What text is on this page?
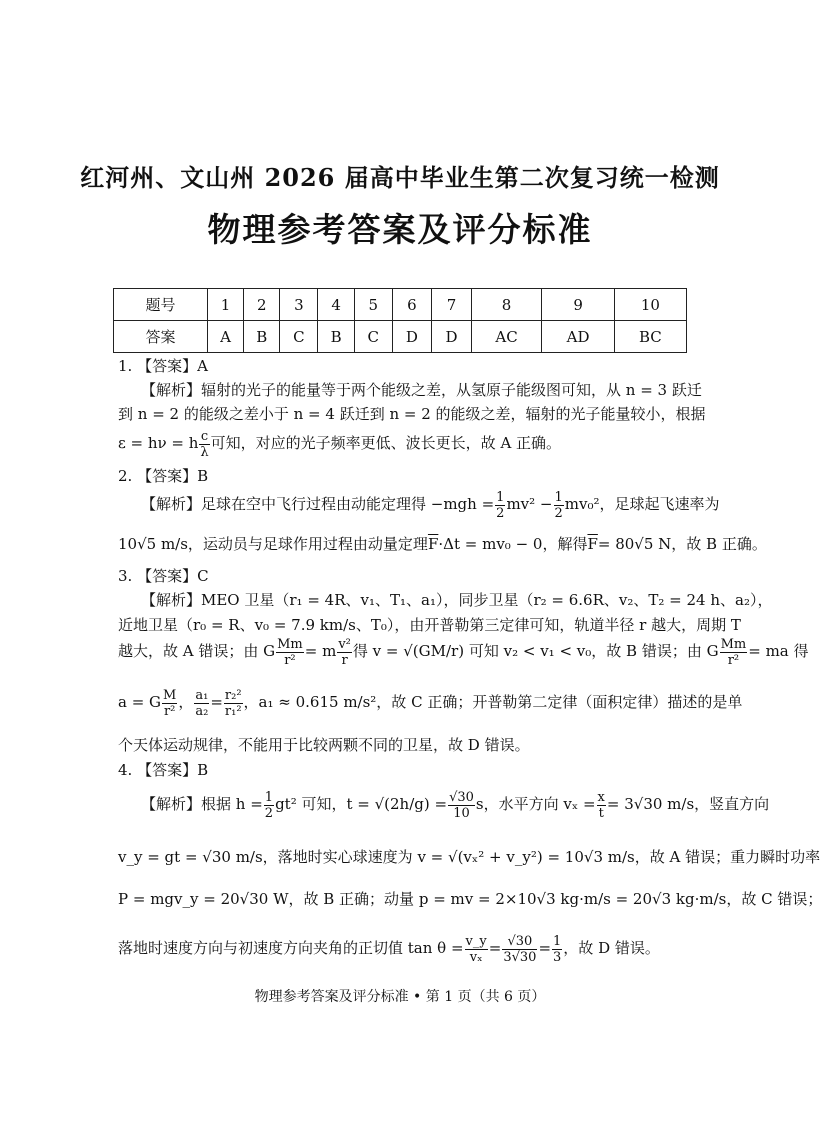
红河州、文山州 2026 届高中毕业生第二次复习统一检测
物理参考答案及评分标准
题号	1	2	3	4	5	6	7	8	9	10
答案	A	B	C	B	C	D	D	AC	AD	BC
1. 【答案】A
【解析】辐射的光子的能量等于两个能级之差，从氢原子能级图可知，从 n = 3 跃迁
到 n = 2 的能级之差小于 n = 4 跃迁到 n = 2 的能级之差，辐射的光子能量较小，根据
ε = hν = h $\frac{c}{\lambda}$ 可知，对应的光子频率更低、波长更长，故 A 正确。
2. 【答案】B
【解析】足球在空中飞行过程由动能定理得 $-mgh = \frac{1}{2} mv^2 - \frac{1}{2} mv_0^2$，足球起飞速率为
10√5 m/s，运动员与足球作用过程由动量定理$\overline{F}\cdot\Delta t = mv_0 - 0$，解得$\overline{F}= 80√5$ N，故 B 正确。
3. 【答案】C
【解析】MEO 卫星（r₁ = 4R、v₁、T₁、a₁），同步卫星（r₂ = 6.6R、v₂、T₂ = 24 h、a₂），
近地卫星（r₀ = R、v₀ = 7.9 km/s、T₀），由开普勒第三定律可知，轨道半径 r 越大，周期 T
越大，故 A 错误；由 G $\frac{Mm}{\text{r²}} = m \frac{\text{v²}}{r}$ 得 v = √(GM/r) 可知 v₂ < v₁ < v₀，故 B 错误；由 G $\frac{Mm}{\text{r²}}$ = ma 得
a = G $\frac{M}{\text{r²}}$ ， $\frac{\text{a₁}}{\text{a₂}} = \frac{\text{r₂²}}{\text{r₁²}}$ ，a₁ ≈ 0.615 m/s²，故 C 正确；开普勒第二定律（面积定律）描述的是单
个天体运动规律，不能用于比较两颗不同的卫星，故 D 错误。
4. 【答案】B
【解析】根据 $h = \frac{1}{2} gt^2$ 可知，$t = √(2h/g) = \frac{√30}{10}$ s，水平方向 $v_x = \frac{x}{t} = 3√30$ m/s，竖直方向
v_y = gt = √30 m/s，落地时实心球速度为 v = √(vₓ² + v_y²) = 10√3 m/s，故 A 错误；重力瞬时功率
P = mgv_y = 20√30 W，故 B 正确；动量 p = mv = 2×10√3 kg·m/s = 20√3 kg·m/s，故 C 错误；
落地时速度方向与初速度方向夹角的正切值 $\tan \theta = \frac{v\_y}{\text{vₓ}} = \frac{√30}{3√30} = \frac{1}{3}$ ，故 D 错误。
物理参考答案及评分标准 • 第 1 页（共 6 页）
